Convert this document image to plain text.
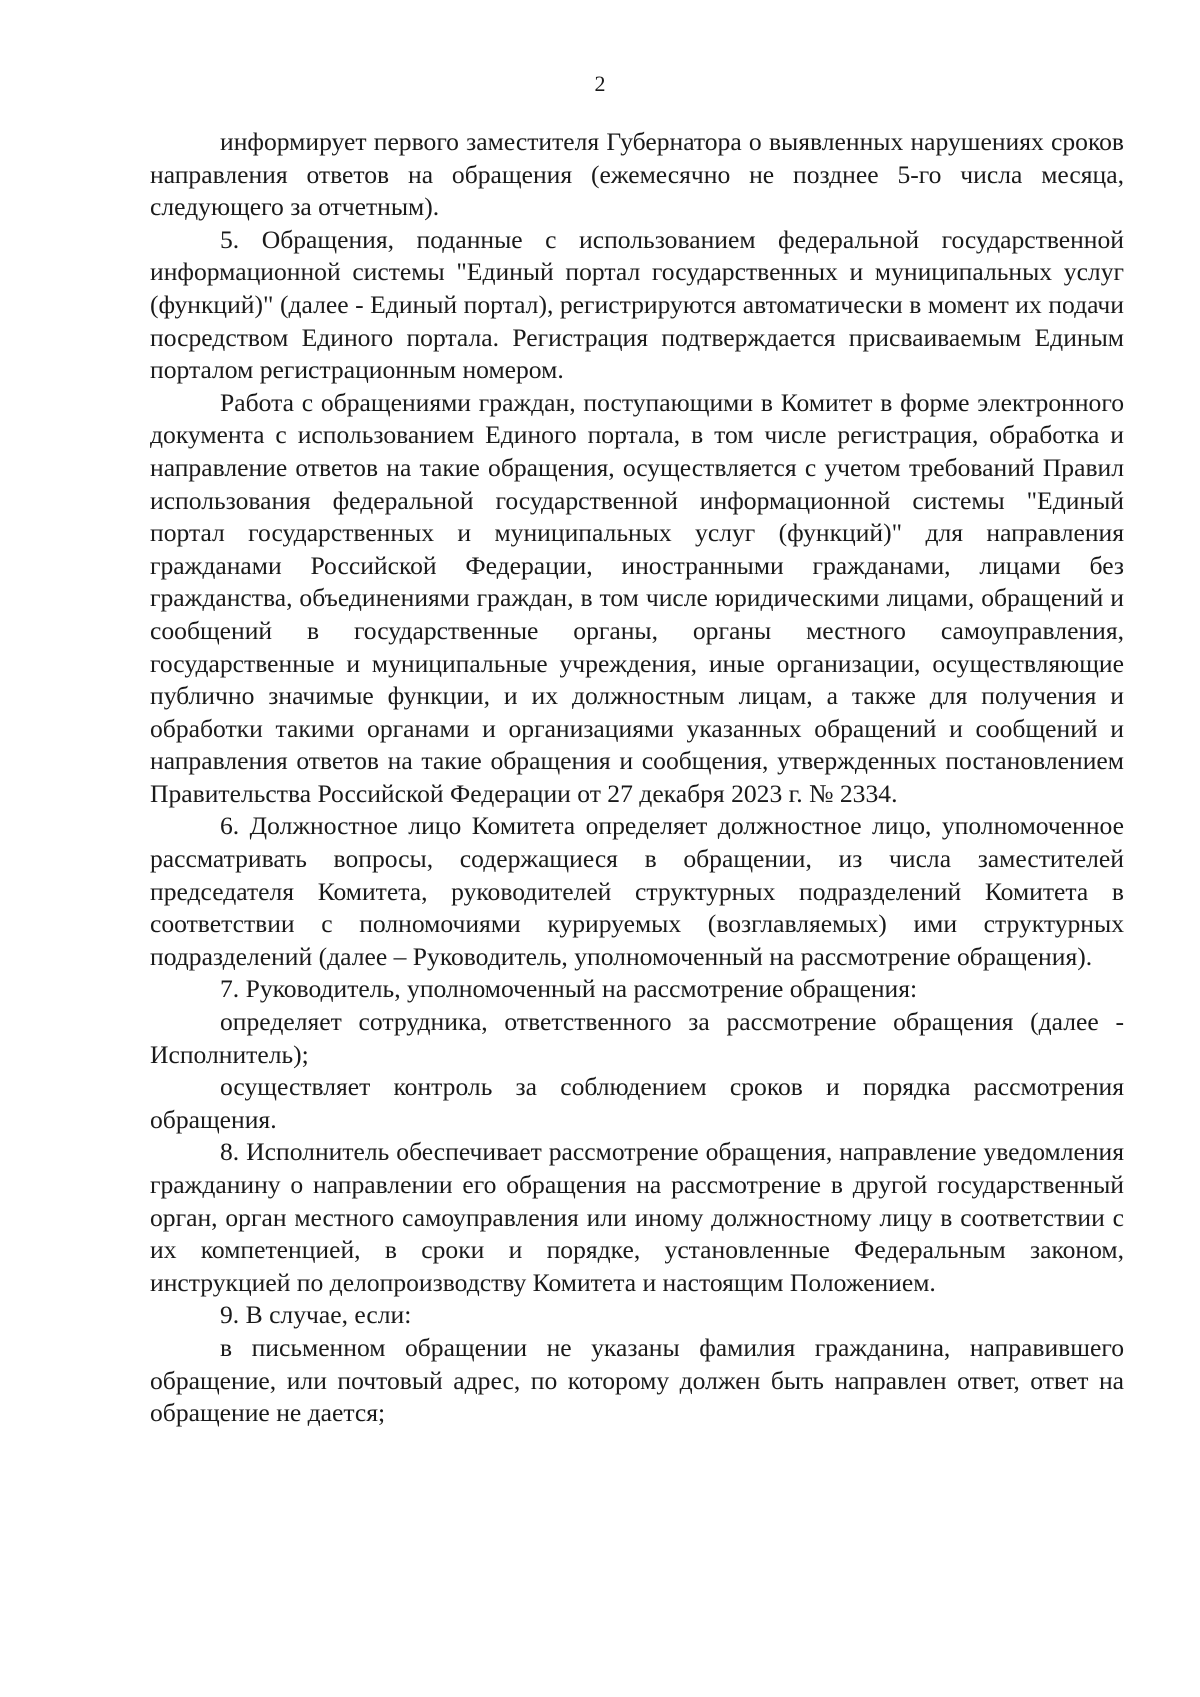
2

информирует первого заместителя Губернатора о выявленных нарушениях сроков направления ответов на обращения (ежемесячно не позднее 5-го числа месяца, следующего за отчетным).

5. Обращения, поданные с использованием федеральной государственной информационной системы "Единый портал государственных и муниципальных услуг (функций)" (далее - Единый портал), регистрируются автоматически в момент их подачи посредством Единого портала. Регистрация подтверждается присваиваемым Единым порталом регистрационным номером.

Работа с обращениями граждан, поступающими в Комитет в форме электронного документа с использованием Единого портала, в том числе регистрация, обработка и направление ответов на такие обращения, осуществляется с учетом требований Правил использования федеральной государственной информационной системы "Единый портал государственных и муниципальных услуг (функций)" для направления гражданами Российской Федерации, иностранными гражданами, лицами без гражданства, объединениями граждан, в том числе юридическими лицами, обращений и сообщений в государственные органы, органы местного самоуправления, государственные и муниципальные учреждения, иные организации, осуществляющие публично значимые функции, и их должностным лицам, а также для получения и обработки такими органами и организациями указанных обращений и сообщений и направления ответов на такие обращения и сообщения, утвержденных постановлением Правительства Российской Федерации от 27 декабря 2023 г. № 2334.

6. Должностное лицо Комитета определяет должностное лицо, уполномоченное рассматривать вопросы, содержащиеся в обращении, из числа заместителей председателя Комитета, руководителей структурных подразделений Комитета в соответствии с полномочиями курируемых (возглавляемых) ими структурных подразделений (далее – Руководитель, уполномоченный на рассмотрение обращения).

7. Руководитель, уполномоченный на рассмотрение обращения:

определяет сотрудника, ответственного за рассмотрение обращения (далее - Исполнитель);

осуществляет контроль за соблюдением сроков и порядка рассмотрения обращения.

8. Исполнитель обеспечивает рассмотрение обращения, направление уведомления гражданину о направлении его обращения на рассмотрение в другой государственный орган, орган местного самоуправления или иному должностному лицу в соответствии с их компетенцией, в сроки и порядке, установленные Федеральным законом, инструкцией по делопроизводству Комитета и настоящим Положением.

9. В случае, если:

в письменном обращении не указаны фамилия гражданина, направившего обращение, или почтовый адрес, по которому должен быть направлен ответ, ответ на обращение не дается;
